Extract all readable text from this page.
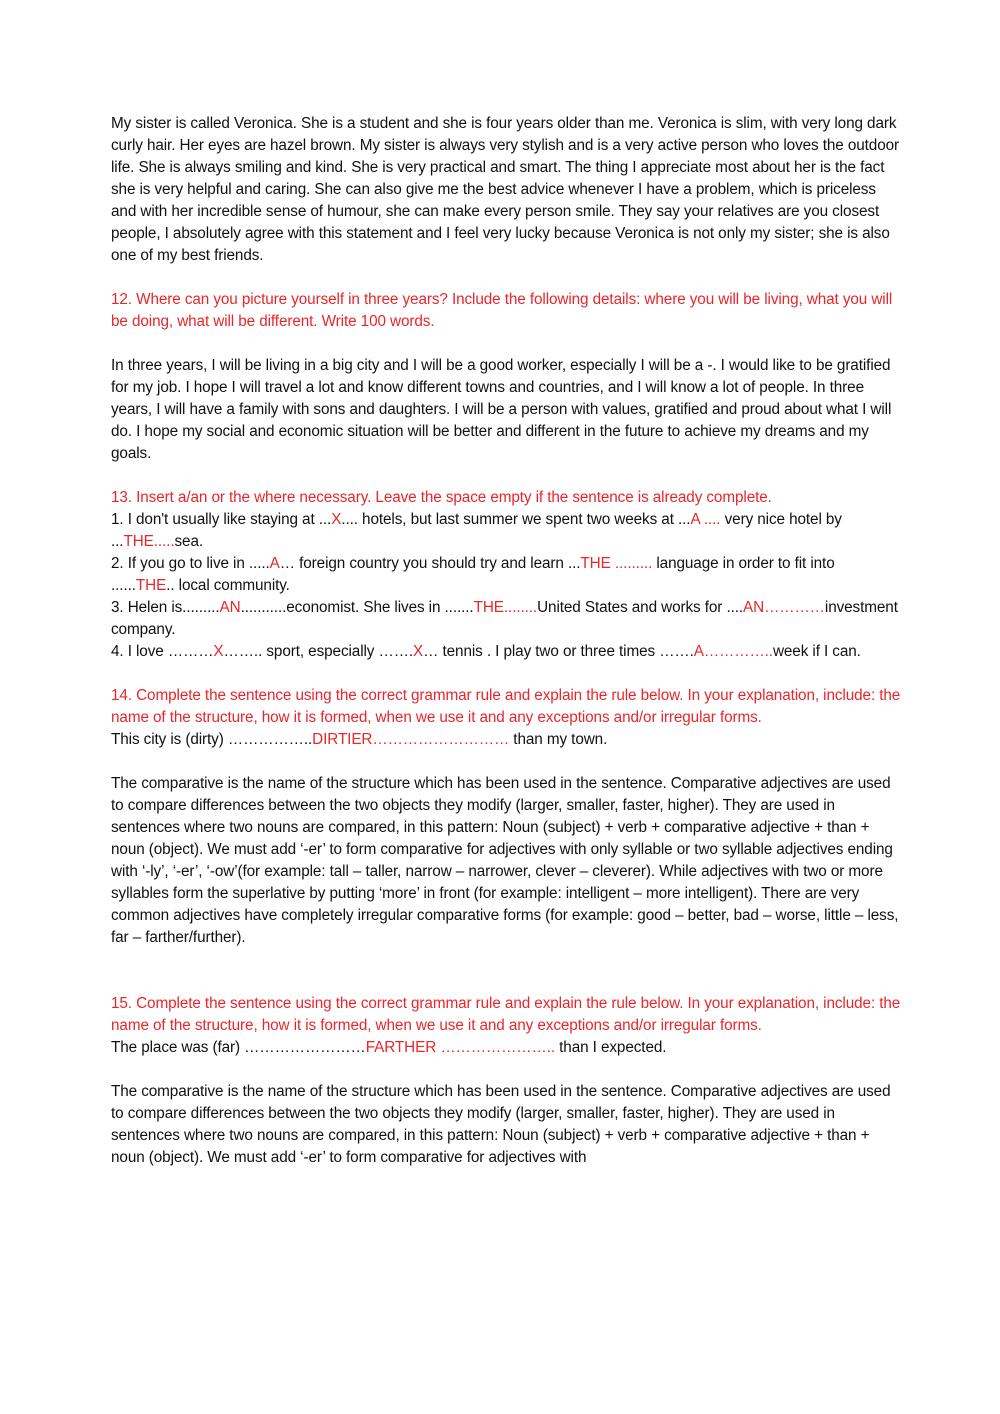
My sister is called Veronica. She is a student and she is four years older than me. Veronica is slim, with very long dark curly hair. Her eyes are hazel brown. My sister is always very stylish and is a very active person who loves the outdoor life. She is always smiling and kind. She is very practical and smart. The thing I appreciate most about her is the fact she is very helpful and caring. She can also give me the best advice whenever I have a problem, which is priceless and with her incredible sense of humour, she can make every person smile. They say your relatives are you closest people, I absolutely agree with this statement and I feel very lucky because Veronica is not only my sister; she is also one of my best friends.

12. Where can you picture yourself in three years? Include the following details: where you will be living, what you will be doing, what will be different. Write 100 words.

In three years, I will be living in a big city and I will be a good worker, especially I will be a -. I would like to be gratified for my job. I hope I will travel a lot and know different towns and countries, and I will know a lot of people. In three years, I will have a family with sons and daughters. I will be a person with values, gratified and proud about what I will do. I hope my social and economic situation will be better and different in the future to achieve my dreams and my goals.

13. Insert a/an or the where necessary. Leave the space empty if the sentence is already complete.

1. I don't usually like staying at ...X.... hotels, but last summer we spent two weeks at ...A .... very nice hotel by ...THE.....sea.

2. If you go to live in .....A… foreign country you should try and learn ...THE ......... language in order to fit into ......THE.. local community.

3. Helen is.........AN...........economist. She lives in .......THE........United States and works for ....AN…………investment

company.

4. I love ………X…….. sport, especially …….X… tennis . I play two or three times …….A…………..week if I can.

14. Complete the sentence using the correct grammar rule and explain the rule below. In your explanation, include: the name of the structure, how it is formed, when we use it and any exceptions and/or irregular forms.

This city is (dirty) ……………..DIRTIER……………………… than my town.

The comparative is the name of the structure which has been used in the sentence. Comparative adjectives are used to compare differences between the two objects they modify (larger, smaller, faster, higher). They are used in sentences where two nouns are compared, in this pattern: Noun (subject) + verb + comparative adjective + than + noun (object). We must add ‘-er’ to form comparative for adjectives with only syllable or two syllable adjectives ending with ‘-ly’, ‘-er’, ‘-ow’(for example: tall – taller, narrow – narrower, clever – cleverer). While adjectives with two or more syllables form the superlative by putting ‘more’ in front (for example: intelligent – more intelligent). There are very common adjectives have completely irregular comparative forms (for example: good – better, bad – worse, little – less, far – farther/further).

15. Complete the sentence using the correct grammar rule and explain the rule below. In your explanation, include: the name of the structure, how it is formed, when we use it and any exceptions and/or irregular forms.

The place was (far) ……………………FARTHER ………………….. than I expected.

The comparative is the name of the structure which has been used in the sentence. Comparative adjectives are used to compare differences between the two objects they modify (larger, smaller, faster, higher). They are used in sentences where two nouns are compared, in this pattern: Noun (subject) + verb + comparative adjective + than + noun (object). We must add ‘-er’ to form comparative for adjectives with
